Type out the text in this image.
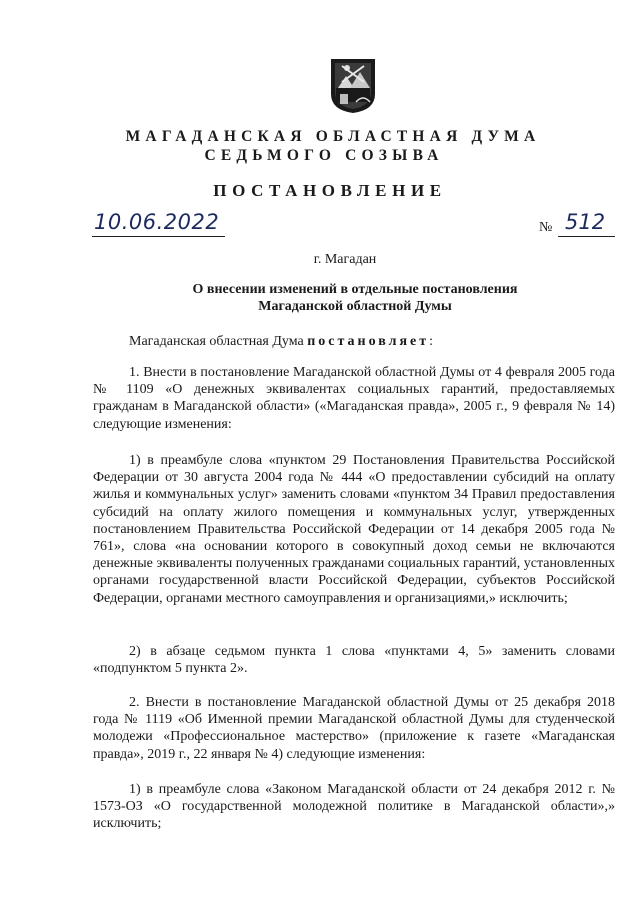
МАГАДАНСКАЯ ОБЛАСТНАЯ ДУМА
СЕДЬМОГО СОЗЫВА
ПОСТАНОВЛЕНИЕ
10.06.2022	№ 512
г. Магадан
О внесении изменений в отдельные постановления
Магаданской областной Думы
Магаданская областная Дума постановляет:
1. Внести в постановление Магаданской областной Думы от 4 февраля 2005 года № 1109 «О денежных эквивалентах социальных гарантий, предоставляемых гражданам в Магаданской области» («Магаданская правда», 2005 г., 9 февраля № 14) следующие изменения:
1) в преамбуле слова «пунктом 29 Постановления Правительства Российской Федерации от 30 августа 2004 года № 444 «О предоставлении субсидий на оплату жилья и коммунальных услуг» заменить словами «пунктом 34 Правил предоставления субсидий на оплату жилого помещения и коммунальных услуг, утвержденных постановлением Правительства Российской Федерации от 14 декабря 2005 года № 761», слова «на основании которого в совокупный доход семьи не включаются денежные эквиваленты полученных гражданами социальных гарантий, установленных органами государственной власти Российской Федерации, субъектов Российской Федерации, органами местного самоуправления и организациями,» исключить;
2) в абзаце седьмом пункта 1 слова «пунктами 4, 5» заменить словами «подпунктом 5 пункта 2».
2. Внести в постановление Магаданской областной Думы от 25 декабря 2018 года № 1119 «Об Именной премии Магаданской областной Думы для студенческой молодежи «Профессиональное мастерство» (приложение к газете «Магаданская правда», 2019 г., 22 января № 4) следующие изменения:
1) в преамбуле слова «Законом Магаданской области от 24 декабря 2012 г. № 1573-ОЗ «О государственной молодежной политике в Магаданской области»,» исключить;
